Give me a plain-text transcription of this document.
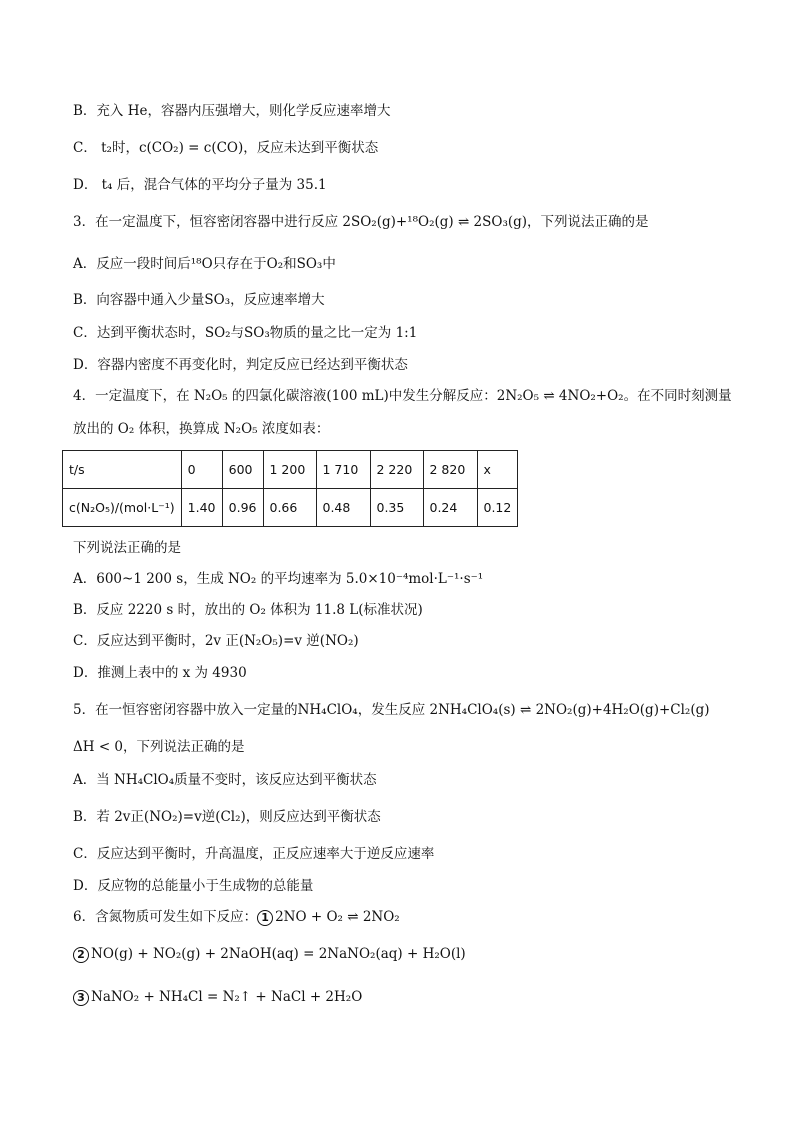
B．充入 He，容器内压强增大，则化学反应速率增大
C． t₂时，c(CO₂) = c(CO)，反应未达到平衡状态
D． t₄ 后，混合气体的平均分子量为 35.1
3．在一定温度下，恒容密闭容器中进行反应 2SO₂(g)+¹⁸O₂(g) ⇌ 2SO₃(g)，下列说法正确的是
A．反应一段时间后¹⁸O只存在于O₂和SO₃中
B．向容器中通入少量SO₃，反应速率增大
C．达到平衡状态时，SO₂与SO₃物质的量之比一定为 1:1
D．容器内密度不再变化时，判定反应已经达到平衡状态
4．一定温度下，在 N₂O₅ 的四氯化碳溶液(100 mL)中发生分解反应：2N₂O₅ ⇌ 4NO₂+O₂。在不同时刻测量
放出的 O₂ 体积，换算成 N₂O₅ 浓度如表：
t/s	0	600	1 200	1 710	2 220	2 820	x
c(N₂O₅)/(mol·L⁻¹)	1.40	0.96	0.66	0.48	0.35	0.24	0.12
下列说法正确的是
A．600~1 200 s，生成 NO₂ 的平均速率为 5.0×10⁻⁴mol·L⁻¹·s⁻¹
B．反应 2220 s 时，放出的 O₂ 体积为 11.8 L(标准状况)
C．反应达到平衡时，2v 正(N₂O₅)=v 逆(NO₂)
D．推测上表中的 x 为 4930
5．在一恒容密闭容器中放入一定量的NH₄ClO₄，发生反应 2NH₄ClO₄(s) ⇌ 2NO₂(g)+4H₂O(g)+Cl₂(g)
ΔH < 0，下列说法正确的是
A．当 NH₄ClO₄质量不变时，该反应达到平衡状态
B．若 2v正(NO₂)=v逆(Cl₂)，则反应达到平衡状态
C．反应达到平衡时，升高温度，正反应速率大于逆反应速率
D．反应物的总能量小于生成物的总能量
6．含氮物质可发生如下反应： 1 2NO + O₂ ⇌ 2NO₂
2 NO(g) + NO₂(g) + 2NaOH(aq) = 2NaNO₂(aq) + H₂O(l)
3 NaNO₂ + NH₄Cl = N₂↑ + NaCl + 2H₂O
